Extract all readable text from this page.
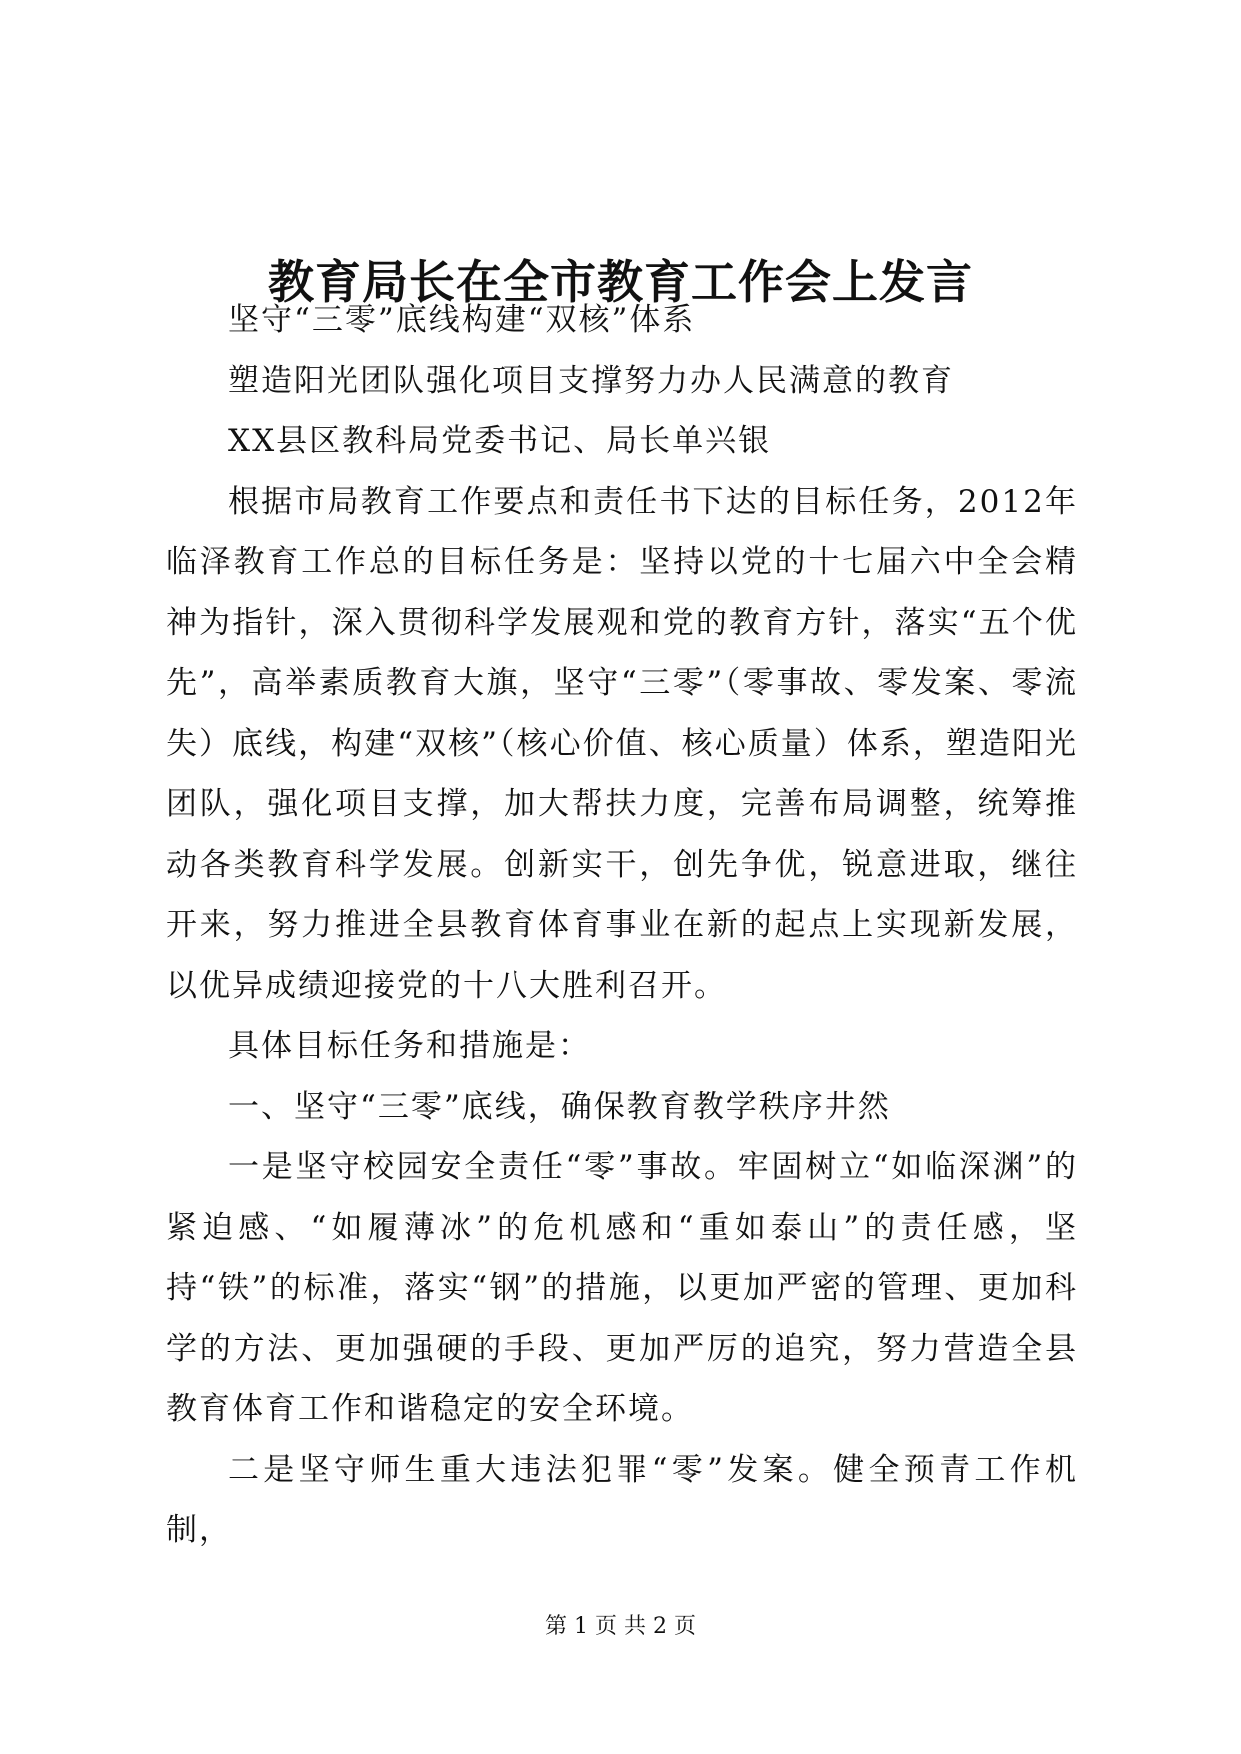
教育局长在全市教育工作会上发言

坚守“三零”底线构建“双核”体系

塑造阳光团队强化项目支撑努力办人民满意的教育

XX县区教科局党委书记、局长单兴银

根据市局教育工作要点和责任书下达的目标任务，2012年临泽教育工作总的目标任务是：坚持以党的十七届六中全会精神为指针，深入贯彻科学发展观和党的教育方针，落实“五个优先”，高举素质教育大旗，坚守“三零”（零事故、零发案、零流失）底线，构建“双核”（核心价值、核心质量）体系，塑造阳光团队，强化项目支撑，加大帮扶力度，完善布局调整，统筹推动各类教育科学发展。创新实干，创先争优，锐意进取，继往开来，努力推进全县教育体育事业在新的起点上实现新发展，以优异成绩迎接党的十八大胜利召开。

具体目标任务和措施是：

一、坚守“三零”底线，确保教育教学秩序井然

一是坚守校园安全责任“零”事故。牢固树立“如临深渊”的紧迫感、“如履薄冰”的危机感和“重如泰山”的责任感，坚持“铁”的标准，落实“钢”的措施，以更加严密的管理、更加科学的方法、更加强硬的手段、更加严厉的追究，努力营造全县教育体育工作和谐稳定的安全环境。

二是坚守师生重大违法犯罪“零”发案。健全预青工作机制，

第 1 页 共 2 页
